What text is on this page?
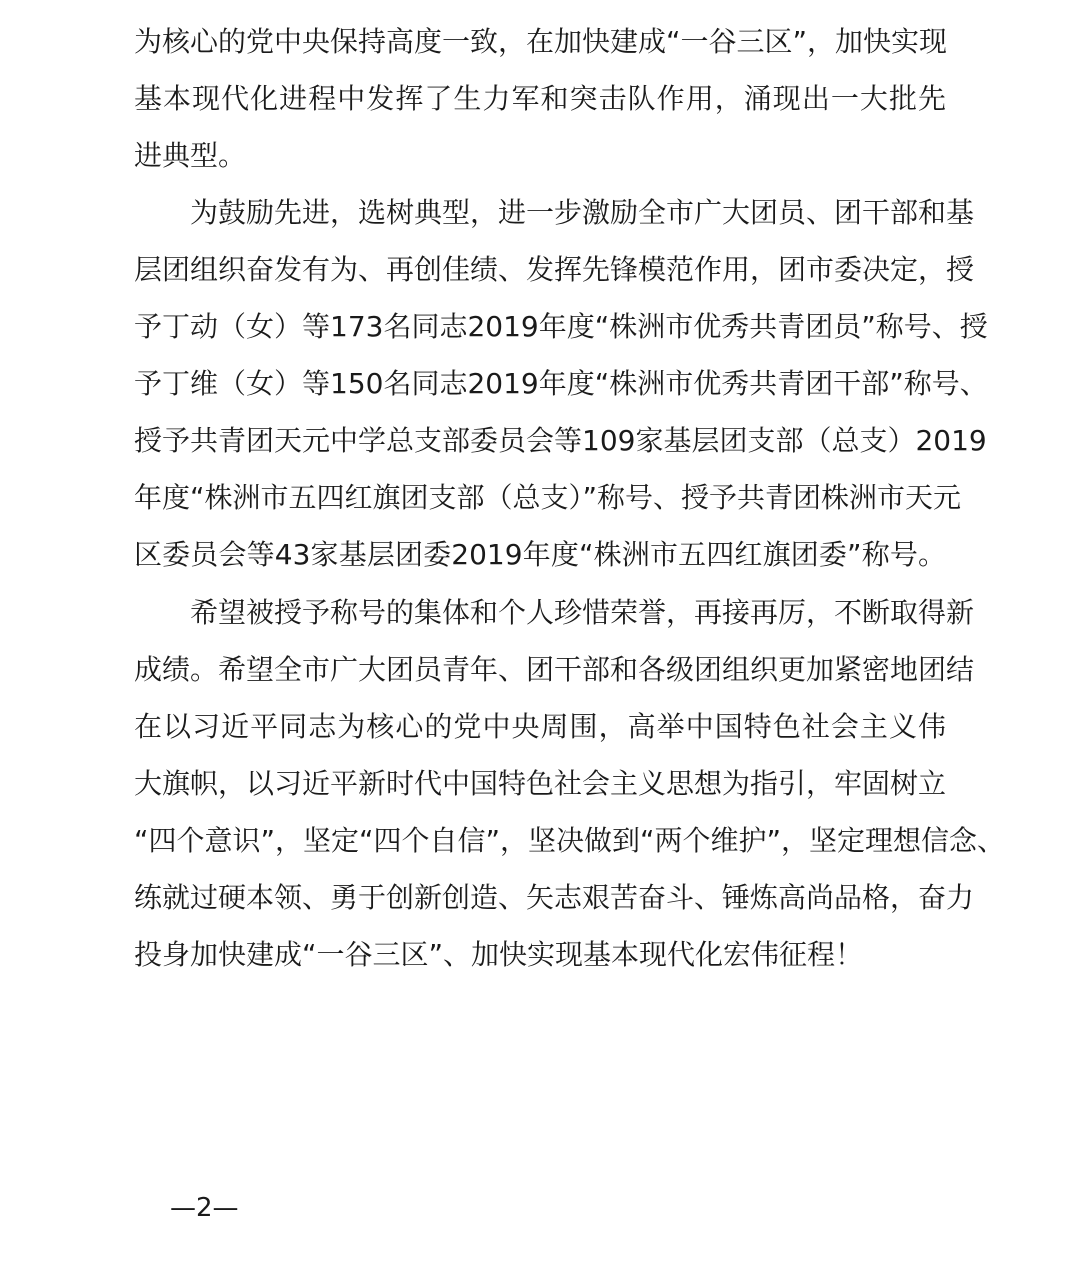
为核心的党中央保持高度一致，在加快建成“一谷三区”，加快实现
基本现代化进程中发挥了生力军和突击队作用，涌现出一大批先
进典型。
　　为鼓励先进，选树典型，进一步激励全市广大团员、团干部和基
层团组织奋发有为、再创佳绩、发挥先锋模范作用，团市委决定，授
予丁动（女）等173名同志2019年度“株洲市优秀共青团员”称号、授
予丁维（女）等150名同志2019年度“株洲市优秀共青团干部”称号、
授予共青团天元中学总支部委员会等109家基层团支部（总支）2019
年度“株洲市五四红旗团支部（总支）”称号、授予共青团株洲市天元
区委员会等43家基层团委2019年度“株洲市五四红旗团委”称号。
　　希望被授予称号的集体和个人珍惜荣誉，再接再厉，不断取得新
成绩。希望全市广大团员青年、团干部和各级团组织更加紧密地团结
在以习近平同志为核心的党中央周围，高举中国特色社会主义伟
大旗帜，以习近平新时代中国特色社会主义思想为指引，牢固树立
“四个意识”，坚定“四个自信”，坚决做到“两个维护”，坚定理想信念、
练就过硬本领、勇于创新创造、矢志艰苦奋斗、锤炼高尚品格，奋力
投身加快建成“一谷三区”、加快实现基本现代化宏伟征程！
—2—
